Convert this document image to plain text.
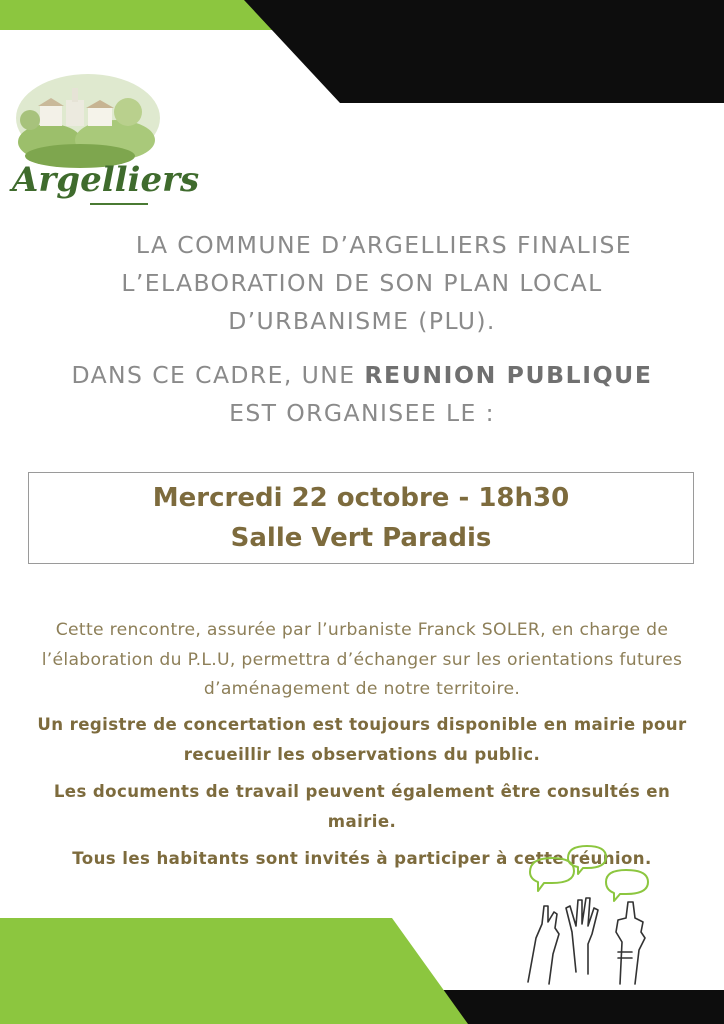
Argelliers

LA COMMUNE D’ARGELLIERS FINALISE

L’ELABORATION DE SON PLAN LOCAL

D’URBANISME (PLU).

DANS CE CADRE, UNE REUNION PUBLIQUE

EST ORGANISEE LE :

Mercredi 22 octobre - 18h30

Salle Vert Paradis

Cette rencontre, assurée par l’urbaniste Franck SOLER, en charge de l’élaboration du P.L.U, permettra d’échanger sur les orientations futures d’aménagement de notre territoire.

Un registre de concertation est toujours disponible en mairie pour recueillir les observations du public.

Les documents de travail peuvent également être consultés en mairie.

Tous les habitants sont invités à participer à cette réunion.
